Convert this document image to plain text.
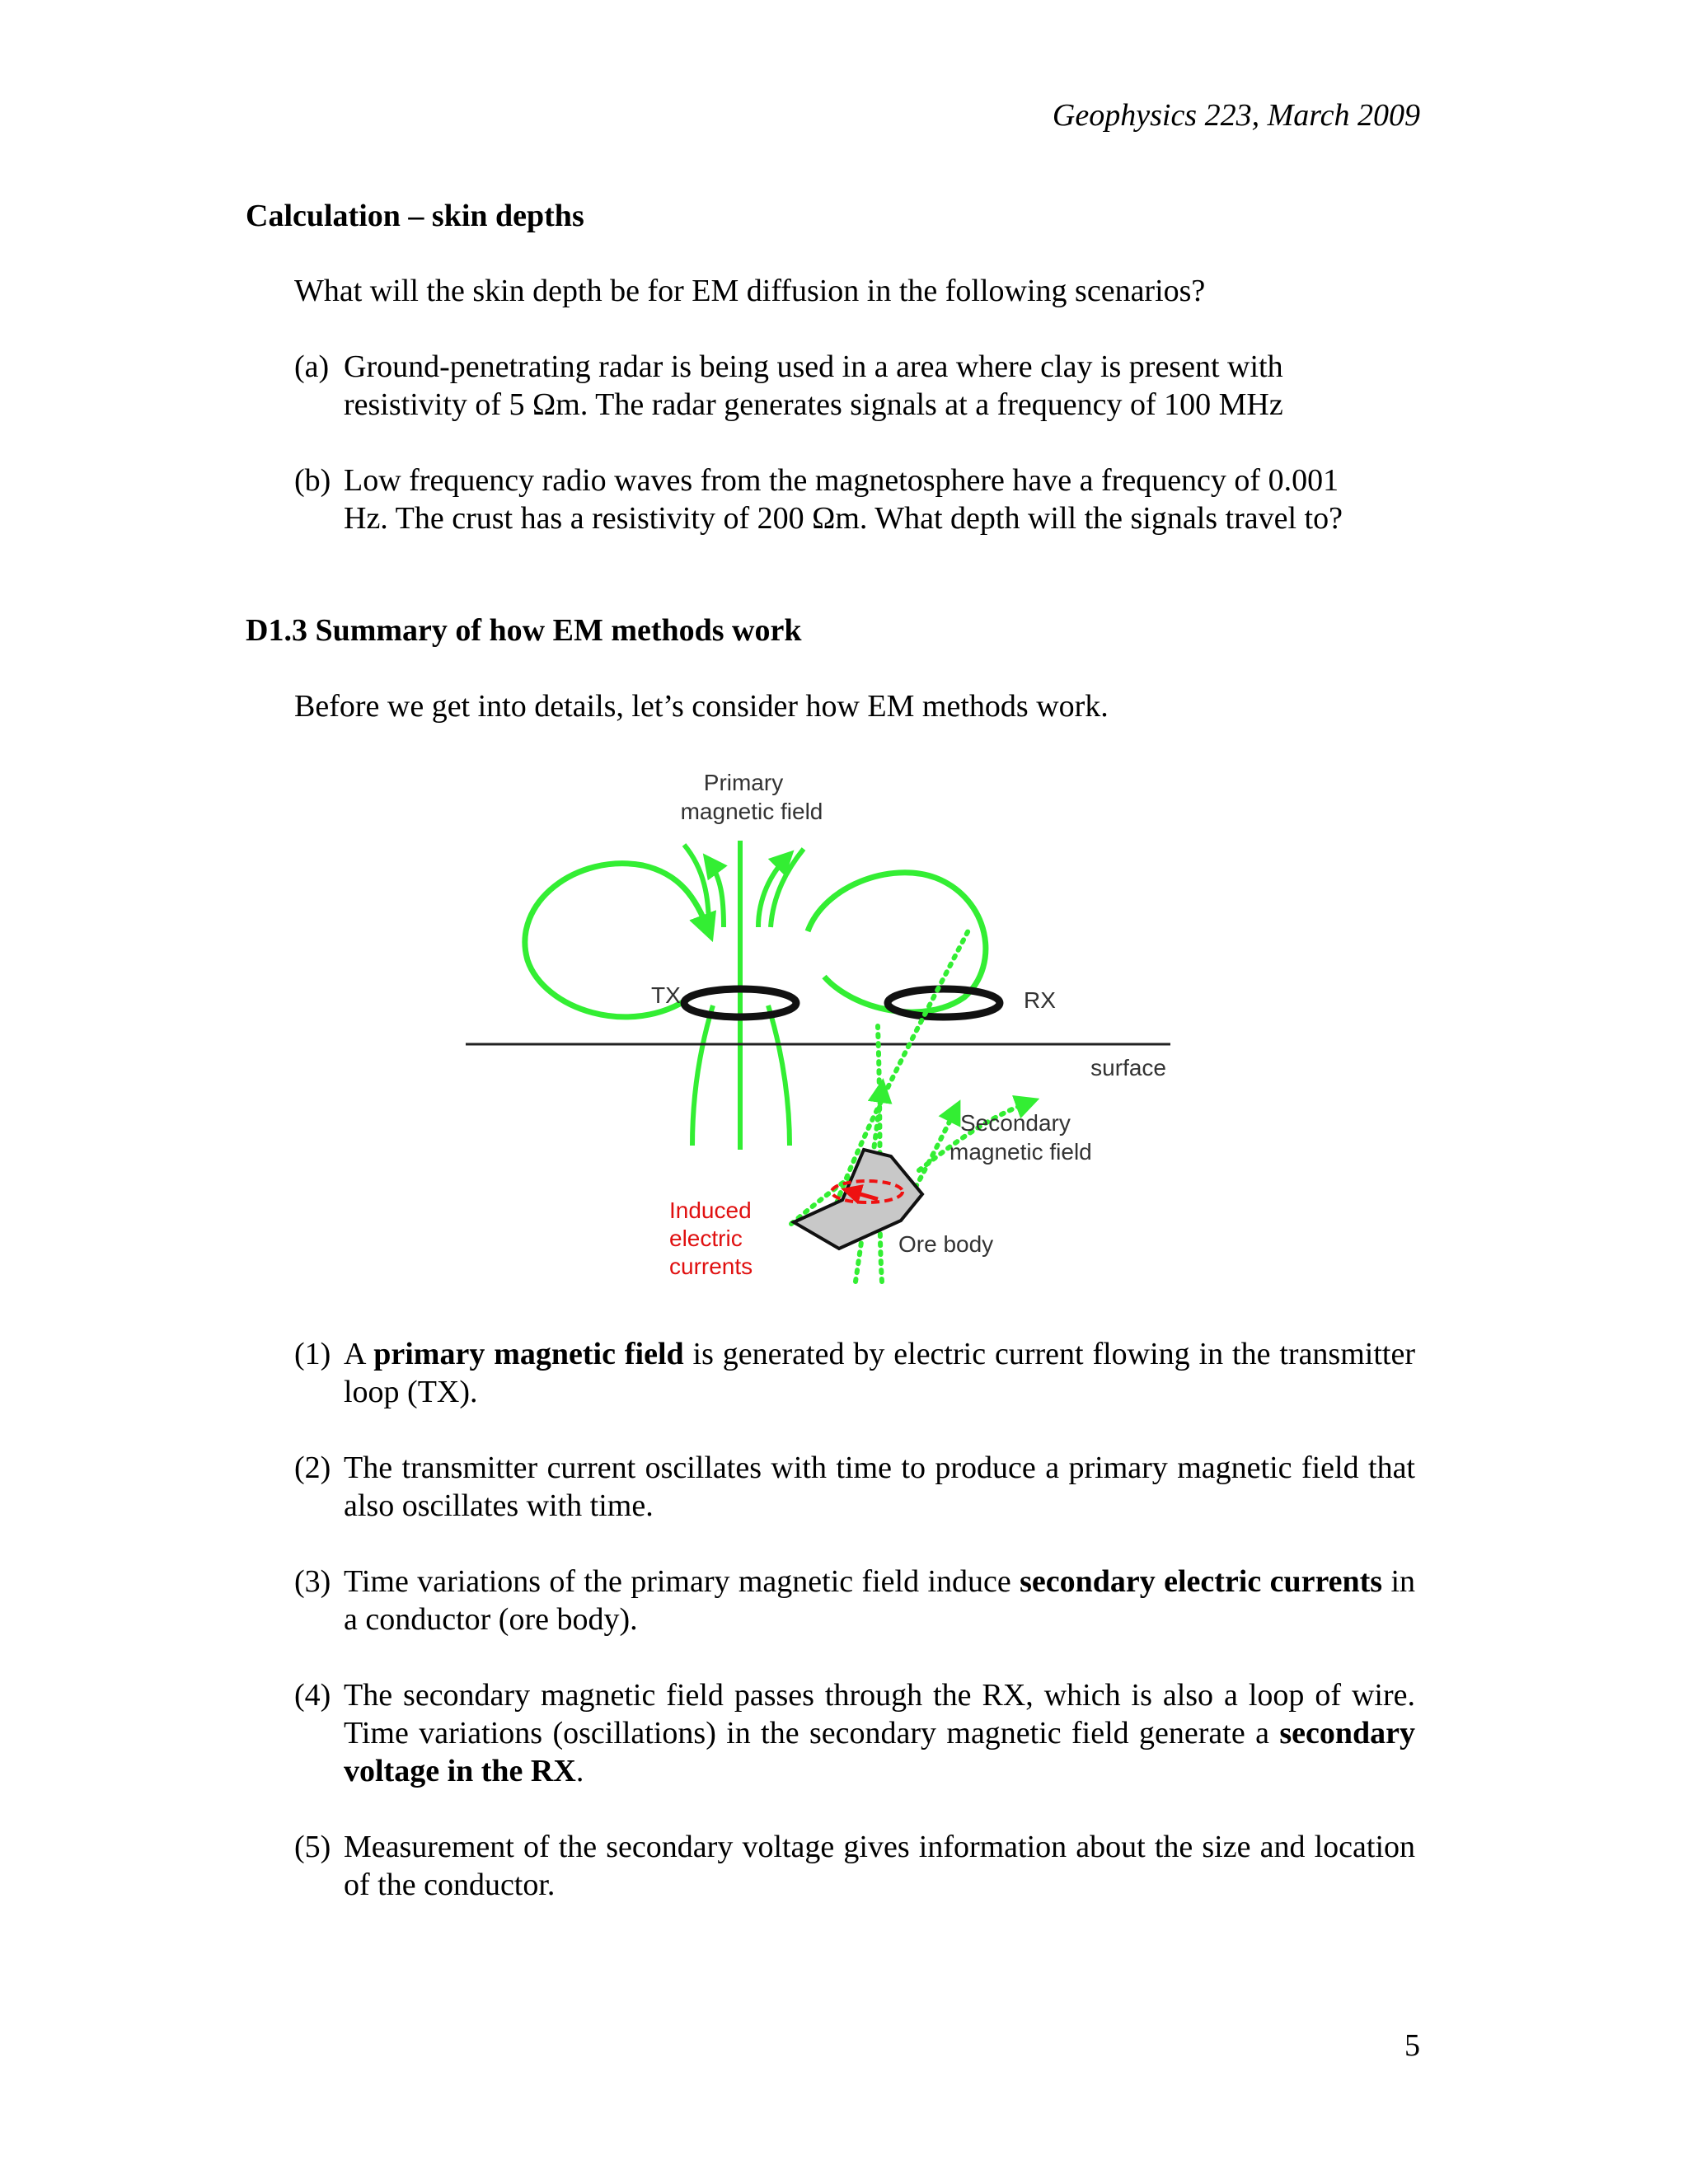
Geophysics 223, March 2009
Calculation – skin depths
What will the skin depth be for EM diffusion in the following scenarios?
(a) Ground-penetrating radar is being used in a area where clay is present with
resistivity of 5 Ωm. The radar generates signals at a frequency of 100 MHz
(b) Low frequency radio waves from the magnetosphere have a frequency of 0.001
Hz. The crust has a resistivity of 200 Ωm. What depth will the signals travel to?
D1.3 Summary of how EM methods work
Before we get into details, let’s consider how EM methods work.
Primary
magnetic field
surface
TX	RX
Secondary
magnetic field
Induced
electric
currents
Ore body
(1) A primary magnetic field is generated by electric current flowing in the transmitter loop (TX).
(2) The transmitter current oscillates with time to produce a primary magnetic field that also oscillates with time.
(3) Time variations of the primary magnetic field induce secondary electric currents in a conductor (ore body).
(4) The secondary magnetic field passes through the RX, which is also a loop of wire. Time variations (oscillations) in the secondary magnetic field generate a secondary voltage in the RX.
(5) Measurement of the secondary voltage gives information about the size and location of the conductor.
5
